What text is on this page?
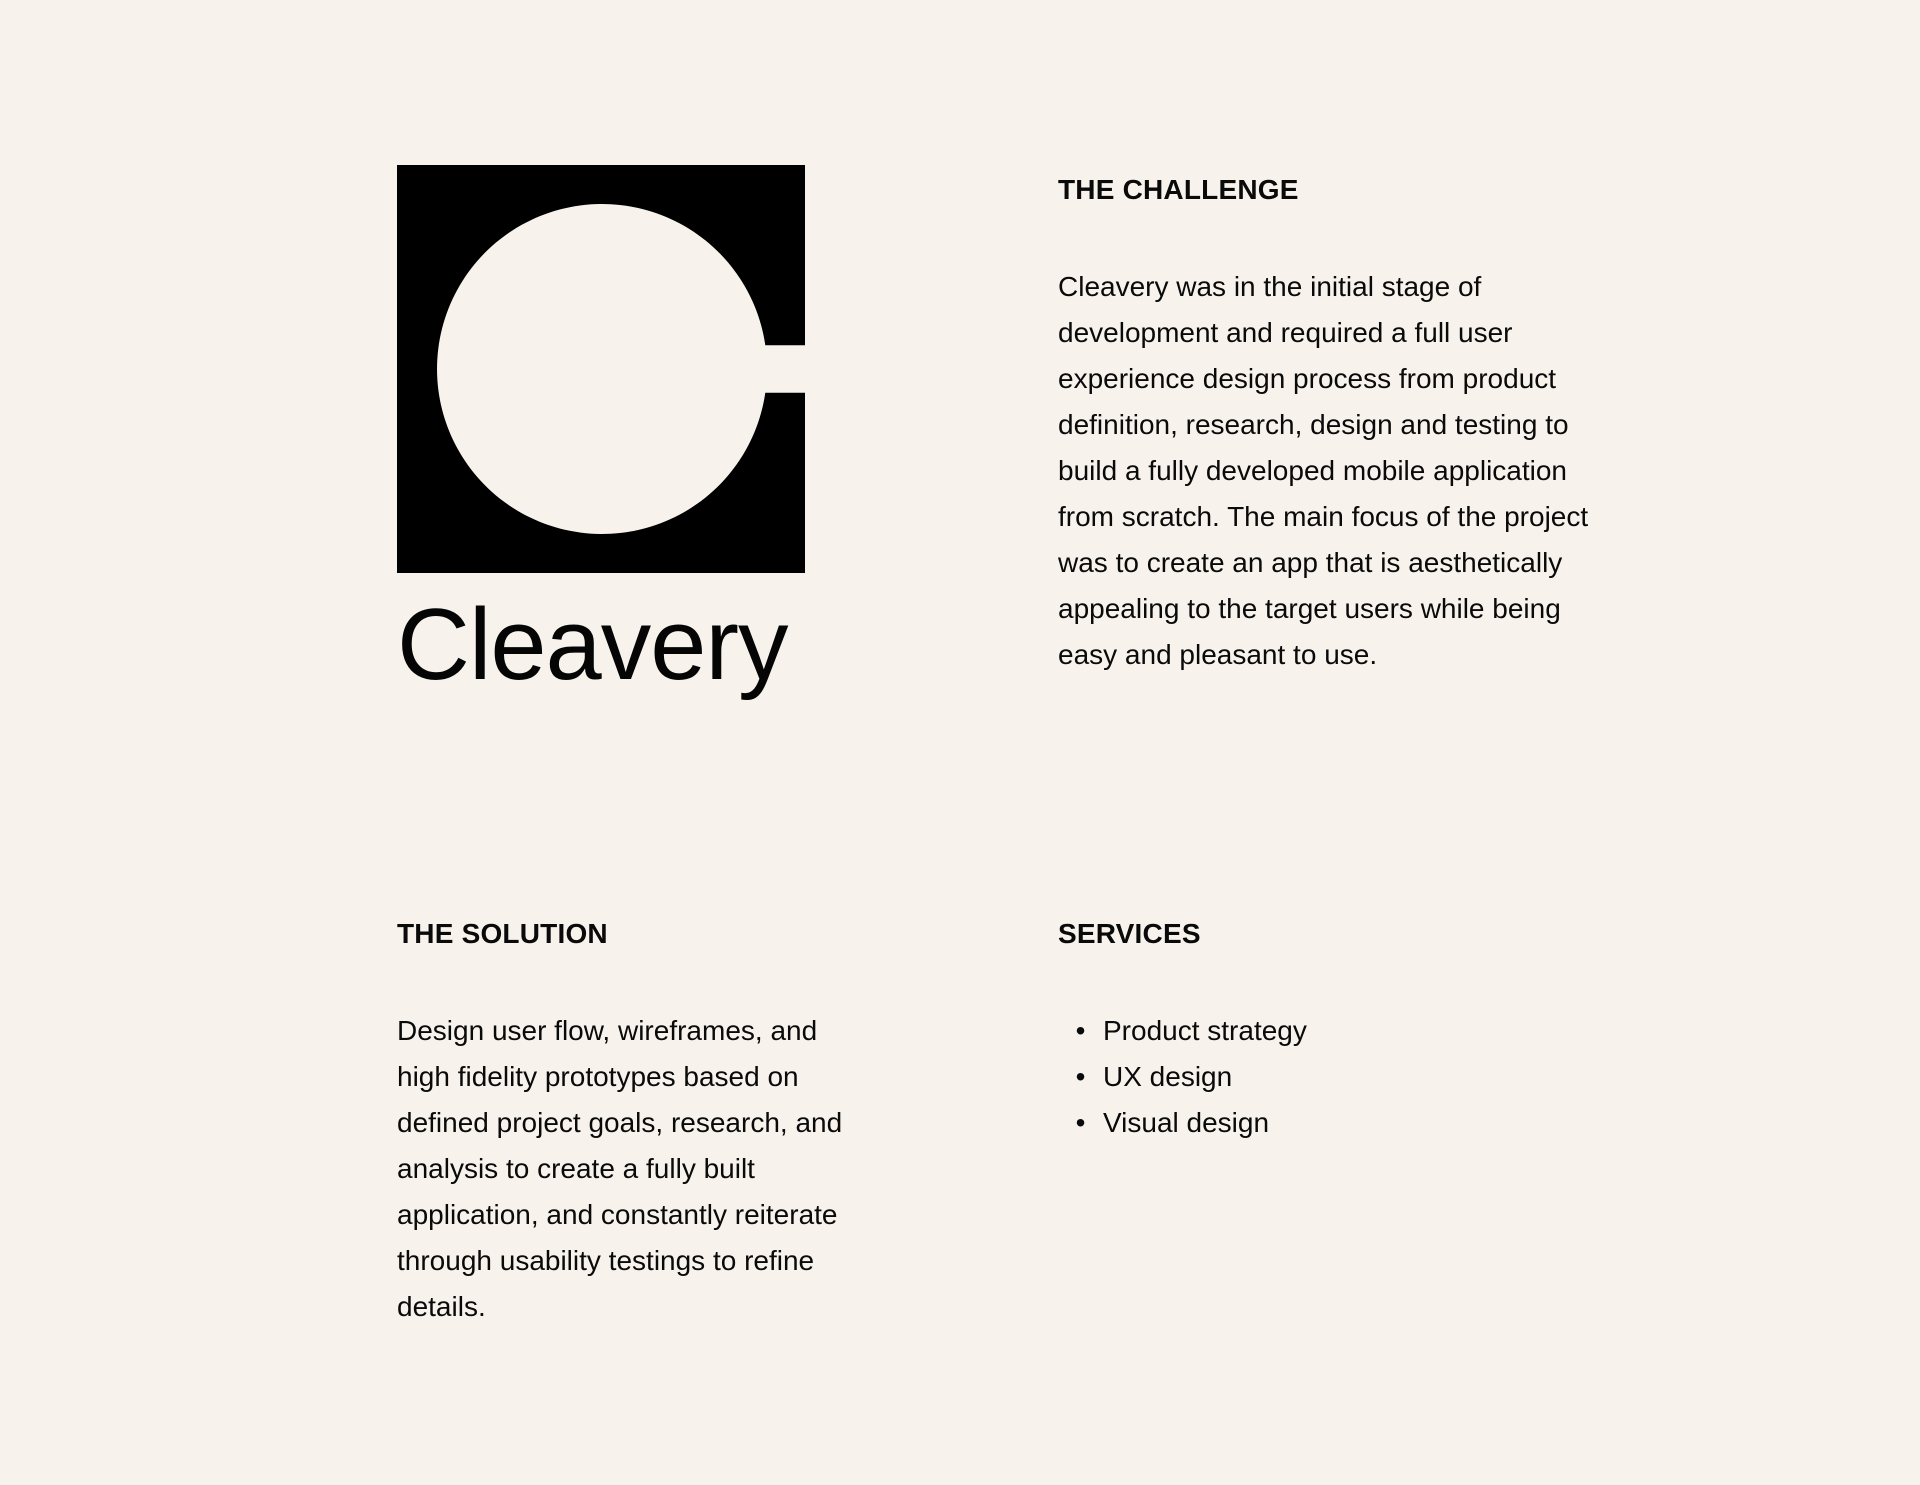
Cleavery
THE CHALLENGE

Cleavery was in the initial stage of development and required a full user experience design process from product definition, research, design and testing to build a fully developed mobile application from scratch. The main focus of the project was to create an app that is aesthetically appealing to the target users while being easy and pleasant to use.

THE SOLUTION

Design user flow, wireframes, and high fidelity prototypes based on defined project goals, research, and analysis to create a fully built application, and constantly reiterate through usability testings to refine details.

SERVICES
• Product strategy
• UX design
• Visual design
